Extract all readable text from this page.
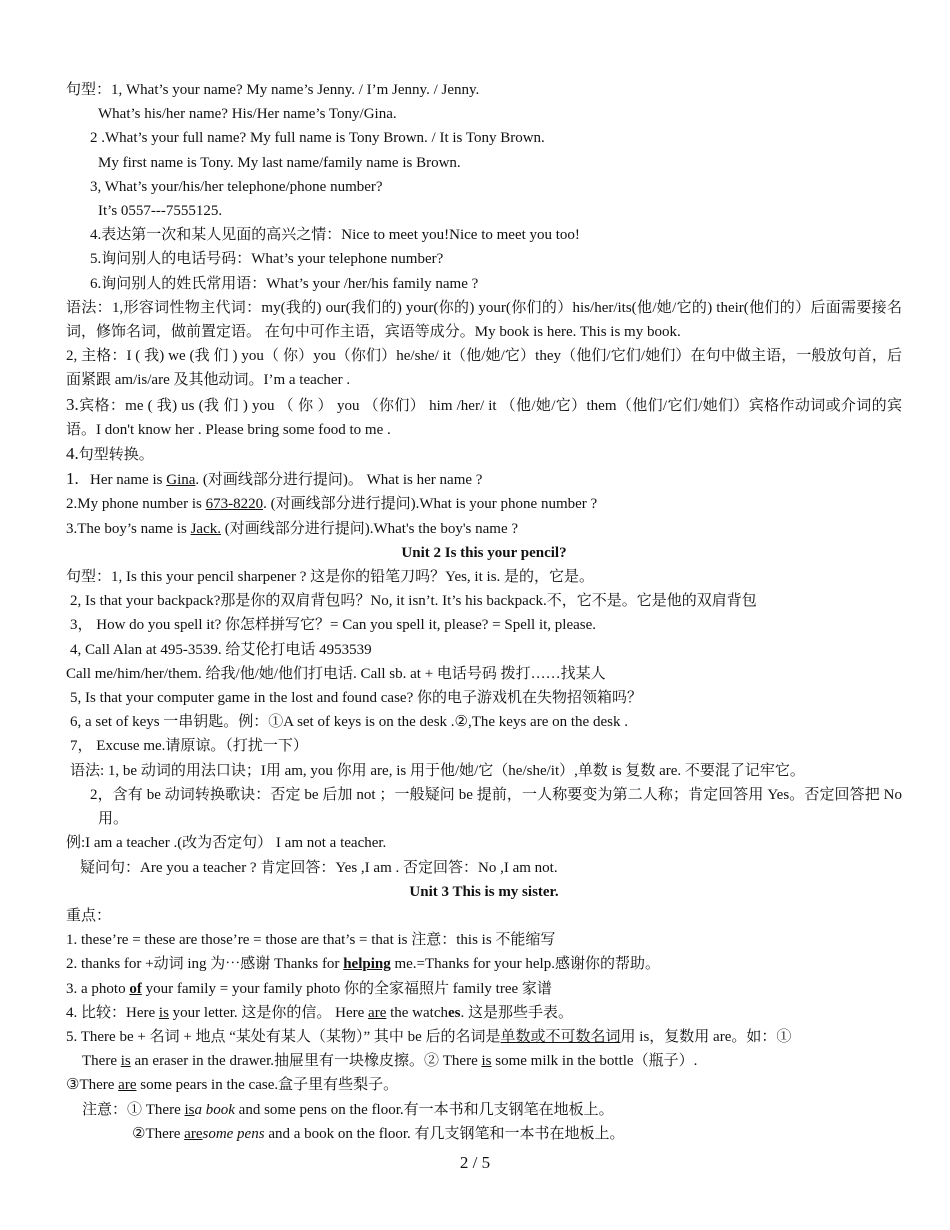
句型：1, What’s your name? My name’s Jenny. / I’m Jenny. / Jenny.
What’s his/her name? His/Her name’s Tony/Gina.
2 .What’s your full name? My full name is Tony Brown. / It is Tony Brown.
My first name is Tony. My last name/family name is Brown.
3, What’s your/his/her telephone/phone number?
It’s 0557---7555125.
4.表达第一次和某人见面的高兴之情：Nice to meet you!Nice to meet you too!
5.询问别人的电话号码：What’s your telephone number?
6.询问别人的姓氏常用语：What’s your /her/his family name ?
语法：1,形容词性物主代词：my(我的) our(我们的) your(你的) your(你们的）his/her/its(他/她/它的) their(他们的）后面需要接名词，修饰名词，做前置定语。 在句中可作主语，宾语等成分。My book is here. This is my book.
2, 主格：I ( 我) we (我 们 ) you（ 你）you（你们）he/she/ it（他/她/它）they（他们/它们/她们）在句中做主语，一般放句首，后面紧跟 am/is/are 及其他动词。I’m a teacher .
3.宾格：me ( 我) us (我 们 ) you （ 你 ） you （你们） him /her/ it （他/她/它）them（他们/它们/她们）宾格作动词或介词的宾语。I don't know her . Please bring some food to me .
4.句型转换。
1. Her name is Gina. (对画线部分进行提问)。 What is her name ?
2.My phone number is 673-8220. (对画线部分进行提问).What is your phone number ?
3.The boy’s name is Jack. (对画线部分进行提问).What's the boy's name ?
Unit 2 Is this your pencil?
句型：1, Is this your pencil sharpener ? 这是你的铅笔刀吗？Yes, it is. 是的，它是。
2, Is that your backpack?那是你的双肩背包吗？No, it isn’t. It’s his backpack.不，它不是。它是他的双肩背包
3， How do you spell it? 你怎样拼写它？= Can you spell it, please? = Spell it, please.
4, Call Alan at 495-3539. 给艾伦打电话 4953539
Call me/him/her/them. 给我/他/她/他们打电话. Call sb. at + 电话号码 拨打……找某人
5, Is that your computer game in the lost and found case? 你的电子游戏机在失物招领箱吗？
6, a set of keys 一串钥匙。例：①A set of keys is on the desk .②,The keys are on the desk .
7， Excuse me.请原谅。（打扰一下）
语法: 1, be 动词的用法口诀；I用 am, you 你用 are, is 用于他/她/它（he/she/it）,单数 is 复数 are. 不要混了记牢它。
2，含有 be 动词转换歌诀：否定 be 后加 not ；一般疑问 be 提前，一人称要变为第二人称；肯定回答用 Yes。否定回答把 No 用。
例:I am a teacher .(改为否定句） I am not a teacher.
疑问句：Are you a teacher ? 肯定回答：Yes ,I am . 否定回答：No ,I am not.
Unit 3 This is my sister.
重点：
1. these’re = these are those’re = those are that’s = that is 注意：this is 不能缩写
2. thanks for +动词 ing 为⋯感谢 Thanks for helping me.=Thanks for your help.感谢你的帮助。
3. a photo of your family = your family photo 你的全家福照片 family tree 家谱
4. 比较：Here is your letter. 这是你的信。 Here are the watches. 这是那些手表。
5. There be + 名词 + 地点 “某处有某人（某物）” 其中 be 后的名词是单数或不可数名词用 is，复数用 are。如：①
There is an eraser in the drawer.抽屉里有一块橡皮擦。② There is some milk in the bottle（瓶子）.
③There are some pears in the case.盒子里有些梨子。
注意：① There isa book and some pens on the floor.有一本书和几支钢笔在地板上。
②There aresome pens and a book on the floor. 有几支钢笔和一本书在地板上。
2 / 5
